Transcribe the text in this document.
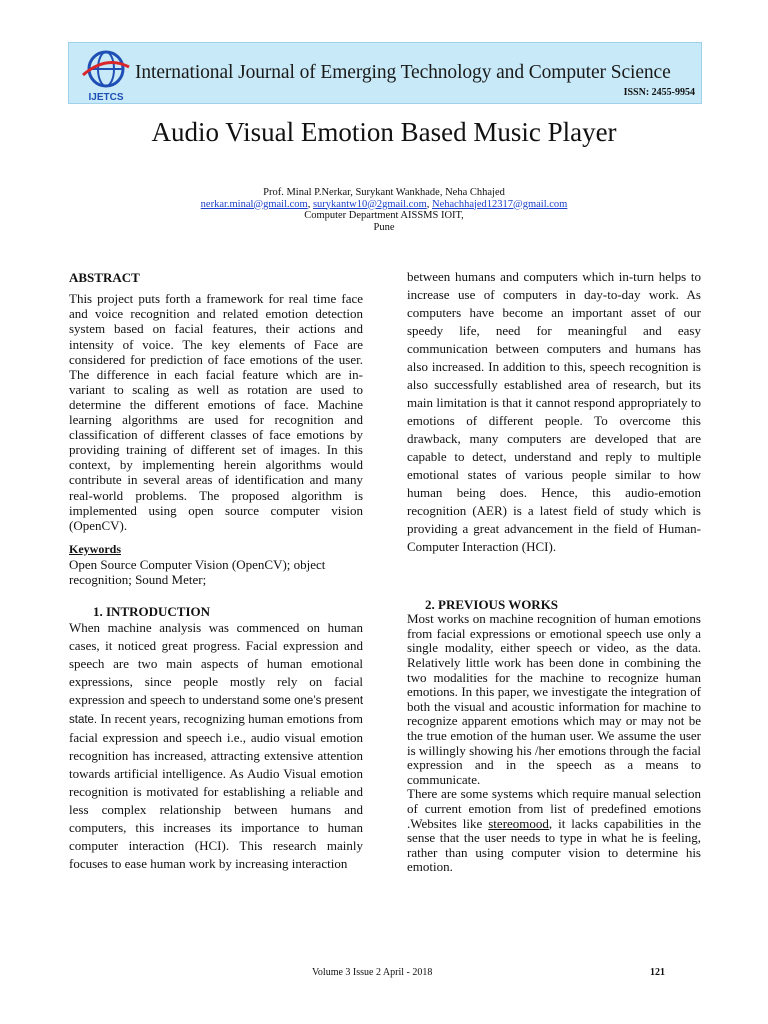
IJETCS
International Journal of Emerging Technology and Computer Science
ISSN: 2455-9954
Audio Visual Emotion Based Music Player
Prof. Minal P.Nerkar, Surykant Wankhade, Neha Chhajed
nerkar.minal@gmail.com, surykantw10@2gmail.com, Nehachhajed12317@gmail.com
Computer Department AISSMS IOIT,
Pune
ABSTRACT

This project puts forth a framework for real time face and voice recognition and related emotion detection system based on facial features, their actions and intensity of voice. The key elements of Face are considered for prediction of face emotions of the user. The difference in each facial feature which are in-variant to scaling as well as rotation are used to determine the different emotions of face. Machine learning algorithms are used for recognition and classification of different classes of face emotions by providing training of different set of images. In this context, by implementing herein algorithms would contribute in several areas of identification and many real-world problems. The proposed algorithm is implemented using open source computer vision (OpenCV).

Keywords

Open Source Computer Vision (OpenCV); object recognition; Sound Meter;

1. INTRODUCTION

When machine analysis was commenced on human cases, it noticed great progress. Facial expression and speech are two main aspects of human emotional expressions, since people mostly rely on facial expression and speech to understand some one’s present state. In recent years, recognizing human emotions from facial expression and speech i.e., audio visual emotion recognition has increased, attracting extensive attention towards artificial intelligence. As Audio Visual emotion recognition is motivated for establishing a reliable and less complex relationship between humans and computers, this increases its importance to human computer interaction (HCI). This research mainly focuses to ease human work by increasing interaction

between humans and computers which in-turn helps to increase use of computers in day-to-day work. As computers have become an important asset of our speedy life, need for meaningful and easy communication between computers and humans has also increased. In addition to this, speech recognition is also successfully established area of research, but its main limitation is that it cannot respond appropriately to emotions of different people. To overcome this drawback, many computers are developed that are capable to detect, understand and reply to multiple emotional states of various people similar to how human being does. Hence, this audio-emotion recognition (AER) is a latest field of study which is providing a great advancement in the field of Human-Computer Interaction (HCI).

2. PREVIOUS WORKS

Most works on machine recognition of human emotions from facial expressions or emotional speech use only a single modality, either speech or video, as the data. Relatively little work has been done in combining the two modalities for the machine to recognize human emotions. In this paper, we investigate the integration of both the visual and acoustic information for machine to recognize apparent emotions which may or may not be the true emotion of the human user. We assume the user is willingly showing his /her emotions through the facial expression and in the speech as a means to communicate.

There are some systems which require manual selection of current emotion from list of predefined emotions .Websites like stereomood, it lacks capabilities in the sense that the user needs to type in what he is feeling, rather than using computer vision to determine his emotion.

Volume 3 Issue 2 April - 2018	121
